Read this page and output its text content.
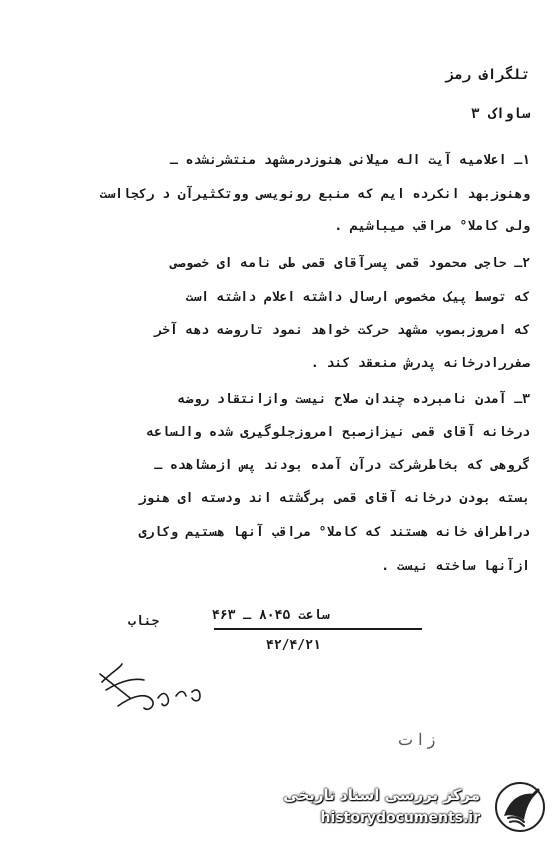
تلگراف رمز
ساواک ۳
۱ـ اعلامیه آیت اله میلانی هنوزدرمشهد منتشرنشده ـ
وهنوزبهد انکرده ایم که منبع رونویسی ووتکثیرآن د رکجااست
ولی کاملا° مراقب میباشیم .
۲ـ حاجی محمود قمی پسرآقای قمی طی نامه ای خصوصی
که توسط پیک مخصوص ارسال داشته اعلام داشته است
که امروزبصوب مشهد حرکت خواهد نمود تاروضه دهه آخر
صفررادرخانه پدرش منعقد کند .
۳ـ آمدن نامبرده چندان صلاح نیست وازانتقاد روضه
درخانه آقای قمی نیزازصبح امروزجلوگیری شده والساعه
گروهی که بخاطرشرکت درآن آمده بودند پس ازمشاهده ـ
بسته بودن درخانه آقای قمی برگشته اند ودسته ای هنوز
دراطراف خانه هستند که کاملا° مراقب آنها هستیم وکاری
ازآنها ساخته نیست .
جناب	ساعت ۸۰۴۵ ـ ۴۶۳
۴۲/۴/۲۱
ز ا ت
مرکز بررسی اسناد تاریخی
historydocuments.ir
